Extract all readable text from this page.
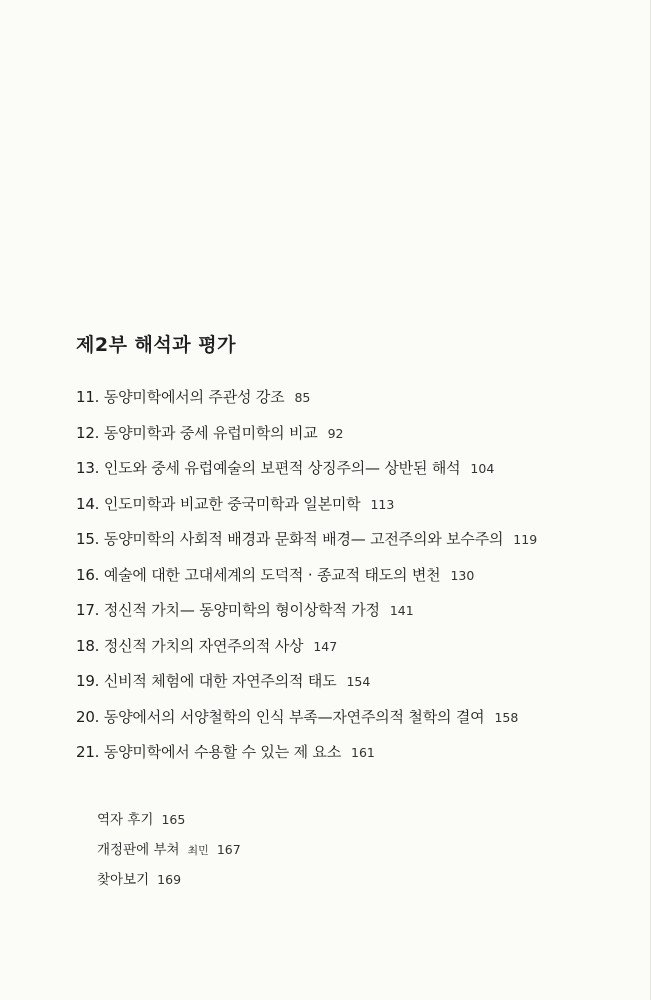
제2부 해석과 평가
11. 동양미학에서의 주관성 강조 85
12. 동양미학과 중세 유럽미학의 비교 92
13. 인도와 중세 유럽예술의 보편적 상징주의— 상반된 해석 104
14. 인도미학과 비교한 중국미학과 일본미학 113
15. 동양미학의 사회적 배경과 문화적 배경— 고전주의와 보수주의 119
16. 예술에 대한 고대세계의 도덕적 · 종교적 태도의 변천 130
17. 정신적 가치— 동양미학의 형이상학적 가정 141
18. 정신적 가치의 자연주의적 사상 147
19. 신비적 체험에 대한 자연주의적 태도 154
20. 동양에서의 서양철학의 인식 부족—자연주의적 철학의 결여 158
21. 동양미학에서 수용할 수 있는 제 요소 161
역자 후기 165
개정판에 부쳐 최민 167
찾아보기 169
